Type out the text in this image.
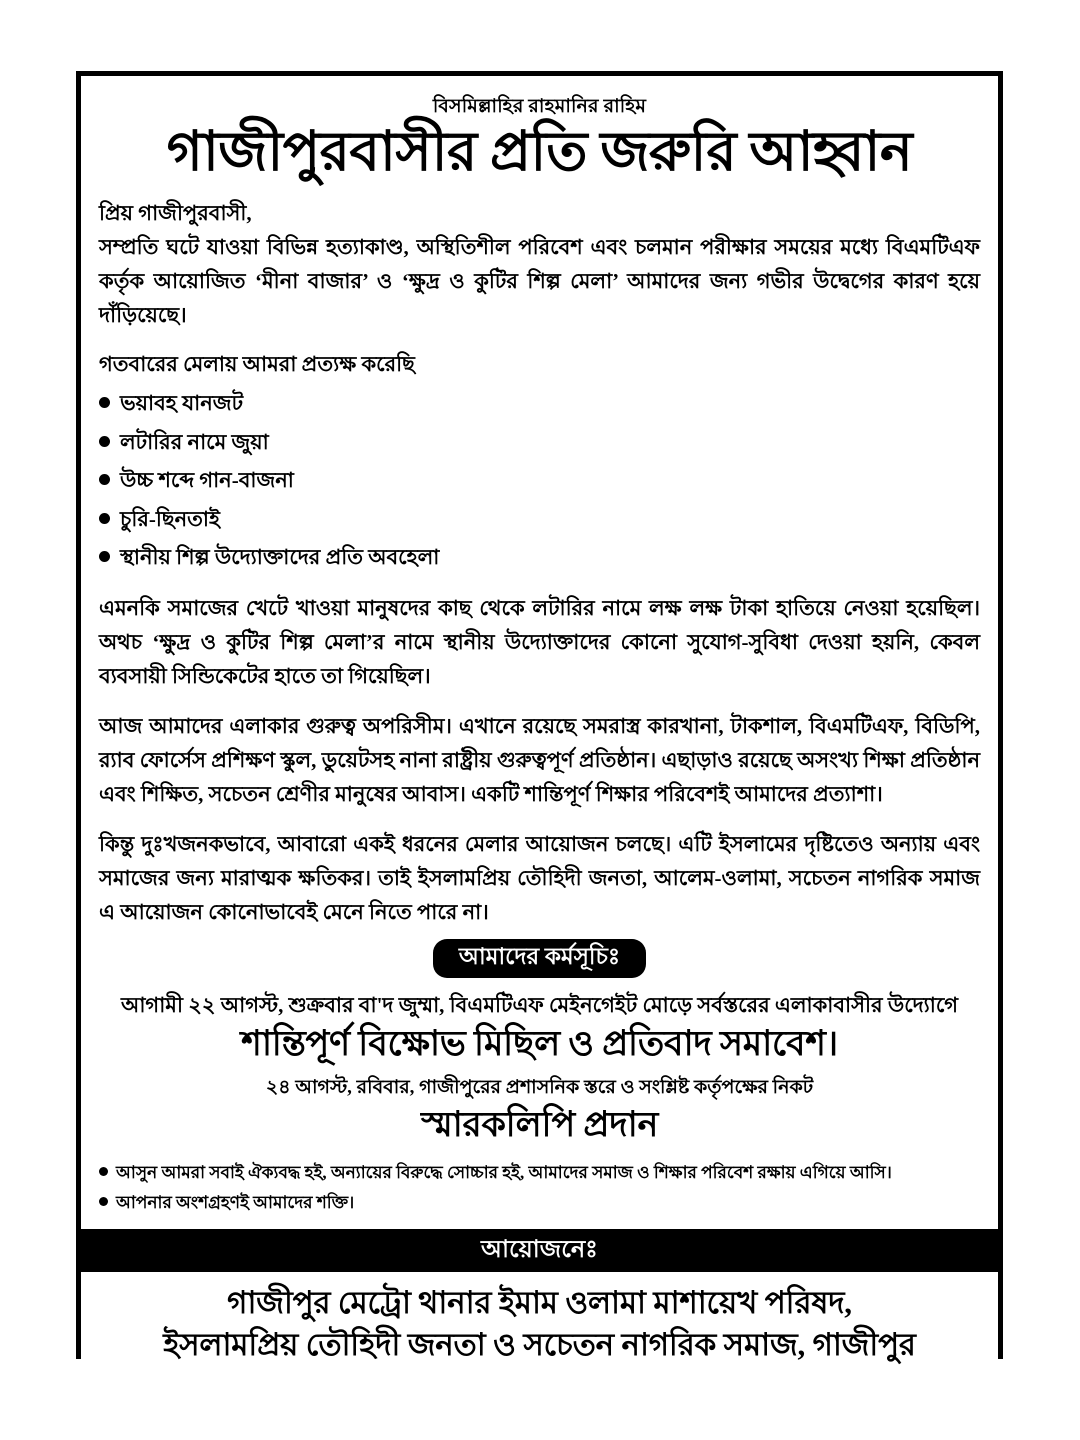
বিসমিল্লাহির রাহমানির রাহিম
গাজীপুরবাসীর প্রতি জরুরি আহ্বান
প্রিয় গাজীপুরবাসী,
সম্প্রতি ঘটে যাওয়া বিভিন্ন হত্যাকাণ্ড, অস্থিতিশীল পরিবেশ এবং চলমান পরীক্ষার সময়ের মধ্যে বিএমটিএফ কর্তৃক আয়োজিত ‘মীনা বাজার’ ও ‘ক্ষুদ্র ও কুটির শিল্প মেলা’ আমাদের জন্য গভীর উদ্বেগের কারণ হয়ে দাঁড়িয়েছে।
গতবারের মেলায় আমরা প্রত্যক্ষ করেছি
ভয়াবহ যানজট
লটারির নামে জুয়া
উচ্চ শব্দে গান-বাজনা
চুরি-ছিনতাই
স্থানীয় শিল্প উদ্যোক্তাদের প্রতি অবহেলা
এমনকি সমাজের খেটে খাওয়া মানুষদের কাছ থেকে লটারির নামে লক্ষ লক্ষ টাকা হাতিয়ে নেওয়া হয়েছিল। অথচ ‘ক্ষুদ্র ও কুটির শিল্প মেলা’র নামে স্থানীয় উদ্যোক্তাদের কোনো সুযোগ-সুবিধা দেওয়া হয়নি, কেবল ব্যবসায়ী সিন্ডিকেটের হাতে তা গিয়েছিল।
আজ আমাদের এলাকার গুরুত্ব অপরিসীম। এখানে রয়েছে সমরাস্ত্র কারখানা, টাকশাল, বিএমটিএফ, বিডিপি, র‍্যাব ফোর্সেস প্রশিক্ষণ স্কুল, ডুয়েটসহ নানা রাষ্ট্রীয় গুরুত্বপূর্ণ প্রতিষ্ঠান। এছাড়াও রয়েছে অসংখ্য শিক্ষা প্রতিষ্ঠান এবং শিক্ষিত, সচেতন শ্রেণীর মানুষের আবাস। একটি শান্তিপূর্ণ শিক্ষার পরিবেশই আমাদের প্রত্যাশা।
কিন্তু দুঃখজনকভাবে, আবারো একই ধরনের মেলার আয়োজন চলছে। এটি ইসলামের দৃষ্টিতেও অন্যায় এবং সমাজের জন্য মারাত্মক ক্ষতিকর। তাই ইসলামপ্রিয় তৌহিদী জনতা, আলেম-ওলামা, সচেতন নাগরিক সমাজ এ আয়োজন কোনোভাবেই মেনে নিতে পারে না।
আমাদের কর্মসূচিঃ
আগামী ২২ আগস্ট, শুক্রবার বা'দ জুম্মা, বিএমটিএফ মেইনগেইট মোড়ে সর্বস্তরের এলাকাবাসীর উদ্যোগে
শান্তিপূর্ণ বিক্ষোভ মিছিল ও প্রতিবাদ সমাবেশ।
২৪ আগস্ট, রবিবার, গাজীপুরের প্রশাসনিক স্তরে ও সংশ্লিষ্ট কর্তৃপক্ষের নিকট
স্মারকলিপি প্রদান
আসুন আমরা সবাই ঐক্যবদ্ধ হই, অন্যায়ের বিরুদ্ধে সোচ্চার হই, আমাদের সমাজ ও শিক্ষার পরিবেশ রক্ষায় এগিয়ে আসি।
আপনার অংশগ্রহণই আমাদের শক্তি।
আয়োজনেঃ
গাজীপুর মেট্রো থানার ইমাম ওলামা মাশায়েখ পরিষদ,
ইসলামপ্রিয় তৌহিদী জনতা ও সচেতন নাগরিক সমাজ, গাজীপুর
